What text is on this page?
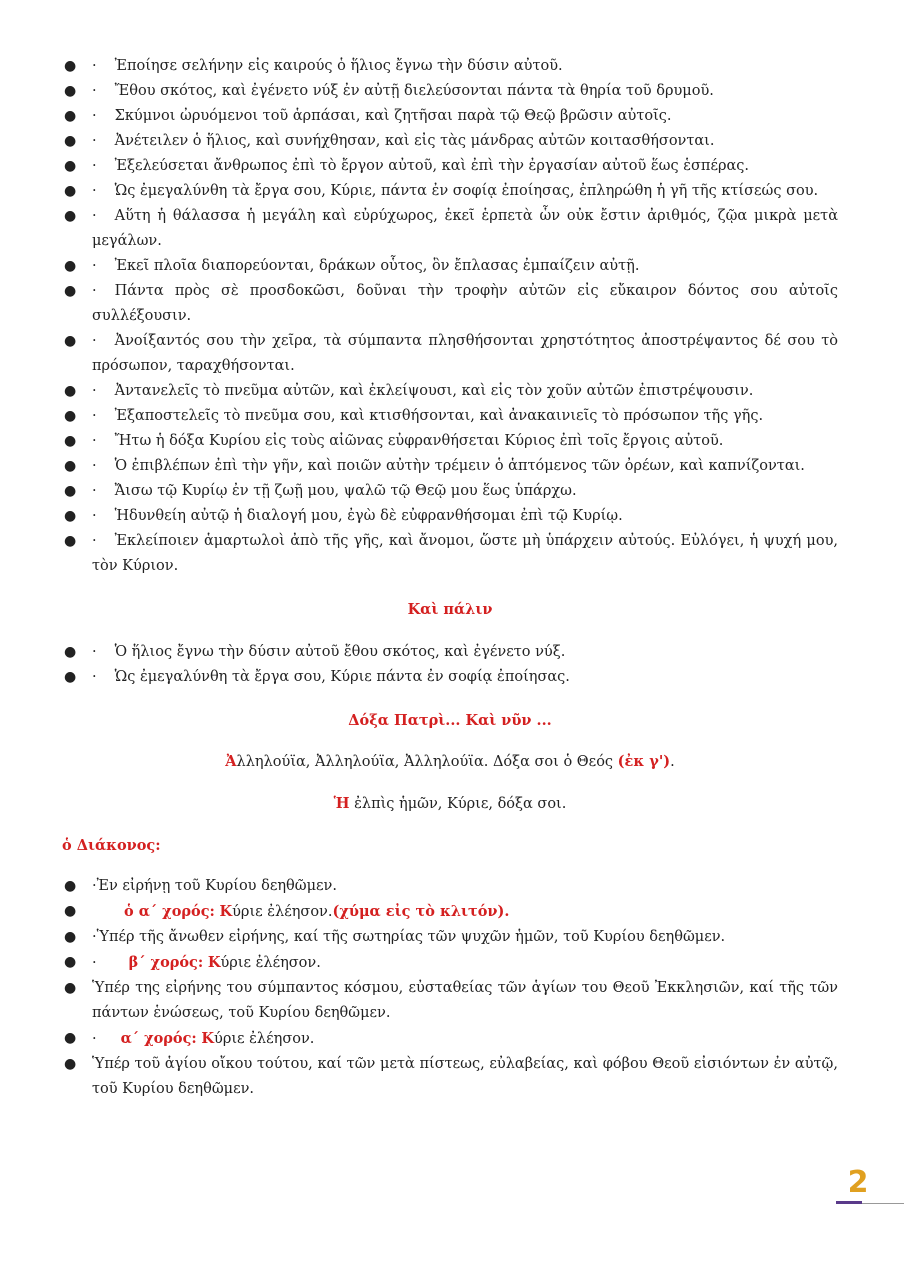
● · Ἐποίησε σελήνην εἰς καιρούς ὁ ἥλιος ἔγνω τὴν δύσιν αὐτοῦ.
● · Ἔθου σκότος, καὶ ἐγένετο νύξ ἐν αὐτῇ διελεύσονται πάντα τὰ θηρία τοῦ δρυμοῦ.
● · Σκύμνοι ὠρυόμενοι τοῦ ἁρπάσαι, καὶ ζητῆσαι παρὰ τῷ Θεῷ βρῶσιν αὐτοῖς.
● · Ἀνέτειλεν ὁ ἥλιος, καὶ συνήχθησαν, καὶ εἰς τὰς μάνδρας αὐτῶν κοιτασθήσονται.
● · Ἐξελεύσεται ἄνθρωπος ἐπὶ τὸ ἔργον αὐτοῦ, καὶ ἐπὶ τὴν ἐργασίαν αὐτοῦ ἕως ἑσπέρας.
● · Ὡς ἐμεγαλύνθη τὰ ἔργα σου, Κύριε, πάντα ἐν σοφίᾳ ἐποίησας, ἐπληρώθη ἡ γῆ τῆς κτίσεώς σου.
● · Αὕτη ἡ θάλασσα ἡ μεγάλη καὶ εὐρύχωρος, ἐκεῖ ἑρπετὰ ὧν οὐκ ἔστιν ἀριθμός, ζῷα μικρὰ μετὰ μεγάλων.
● · Ἐκεῖ πλοῖα διαπορεύονται, δράκων οὗτος, ὃν ἔπλασας ἐμπαίζειν αὐτῇ.
● · Πάντα πρὸς σὲ προσδοκῶσι, δοῦναι τὴν τροφὴν αὐτῶν εἰς εὔκαιρον δόντος σου αὐτοῖς συλλέξουσιν.
● · Ἀνοίξαντός σου τὴν χεῖρα, τὰ σύμπαντα πλησθήσονται χρηστότητος ἀποστρέψαντος δέ σου τὸ πρόσωπον, ταραχθήσονται.
● · Ἀντανελεῖς τὸ πνεῦμα αὐτῶν, καὶ ἐκλείψουσι, καὶ εἰς τὸν χοῦν αὐτῶν ἐπιστρέψουσιν.
● · Ἐξαποστελεῖς τὸ πνεῦμα σου, καὶ κτισθήσονται, καὶ ἀνακαινιεῖς τὸ πρόσωπον τῆς γῆς.
● · Ἤτω ἡ δόξα Κυρίου εἰς τοὺς αἰῶνας εὐφρανθήσεται Κύριος ἐπὶ τοῖς ἔργοις αὐτοῦ.
● · Ὁ ἐπιβλέπων ἐπὶ τὴν γῆν, καὶ ποιῶν αὐτὴν τρέμειν ὁ ἁπτόμενος τῶν ὀρέων, καὶ καπνίζονται.
● · Ἄισω τῷ Κυρίῳ ἐν τῇ ζωῇ μου, ψαλῶ τῷ Θεῷ μου ἕως ὑπάρχω.
● · Ἡδυνθείη αὐτῷ ἡ διαλογή μου, ἐγὼ δὲ εὐφρανθήσομαι ἐπὶ τῷ Κυρίῳ.
● · Ἐκλείποιεν ἁμαρτωλοὶ ἀπὸ τῆς γῆς, καὶ ἄνομοι, ὥστε μὴ ὑπάρχειν αὐτούς. Εὐλόγει, ἡ ψυχή μου, τὸν Κύριον.
Καὶ πάλιν
● · Ὁ ἥλιος ἔγνω τὴν δύσιν αὐτοῦ ἔθου σκότος, καὶ ἐγένετο νύξ.
● · Ὡς ἐμεγαλύνθη τὰ ἔργα σου, Κύριε πάντα ἐν σοφίᾳ ἐποίησας.
Δόξα Πατρὶ... Καὶ νῦν ...
Ἀλληλούϊα, Ἀλληλούϊα, Ἀλληλούϊα. Δόξα σοι ὁ Θεός (ἐκ γ').
Ἡ ἐλπὶς ἡμῶν, Κύριε, δόξα σοι.
ὁ Διάκονος:
● ·Ἐν εἰρήνῃ τοῦ Κυρίου δεηθῶμεν.
●	ὁ α΄ χορός: Κύριε ἐλέησον.(χύμα εἰς τὸ κλιτόν).
● ·Ὑπέρ τῆς ἄνωθεν εἰρήνης, καί τῆς σωτηρίας τῶν ψυχῶν ἡμῶν, τοῦ Κυρίου δεηθῶμεν.
● · β΄ χορός: Κύριε ἐλέησον.
● Ὑπέρ της εἰρήνης του σύμπαντος κόσμου, εὐσταθείας τῶν ἁγίων του Θεοῦ Ἐκκλησιῶν, καί τῆς τῶν πάντων ἑνώσεως, τοῦ Κυρίου δεηθῶμεν.
● · α΄ χορός: Κύριε ἐλέησον.
● Ὑπέρ τοῦ ἁγίου οἴκου τούτου, καί τῶν μετὰ πίστεως, εὐλαβείας, καὶ φόβου Θεοῦ εἰσιόντων ἐν αὐτῷ, τοῦ Κυρίου δεηθῶμεν.
2
